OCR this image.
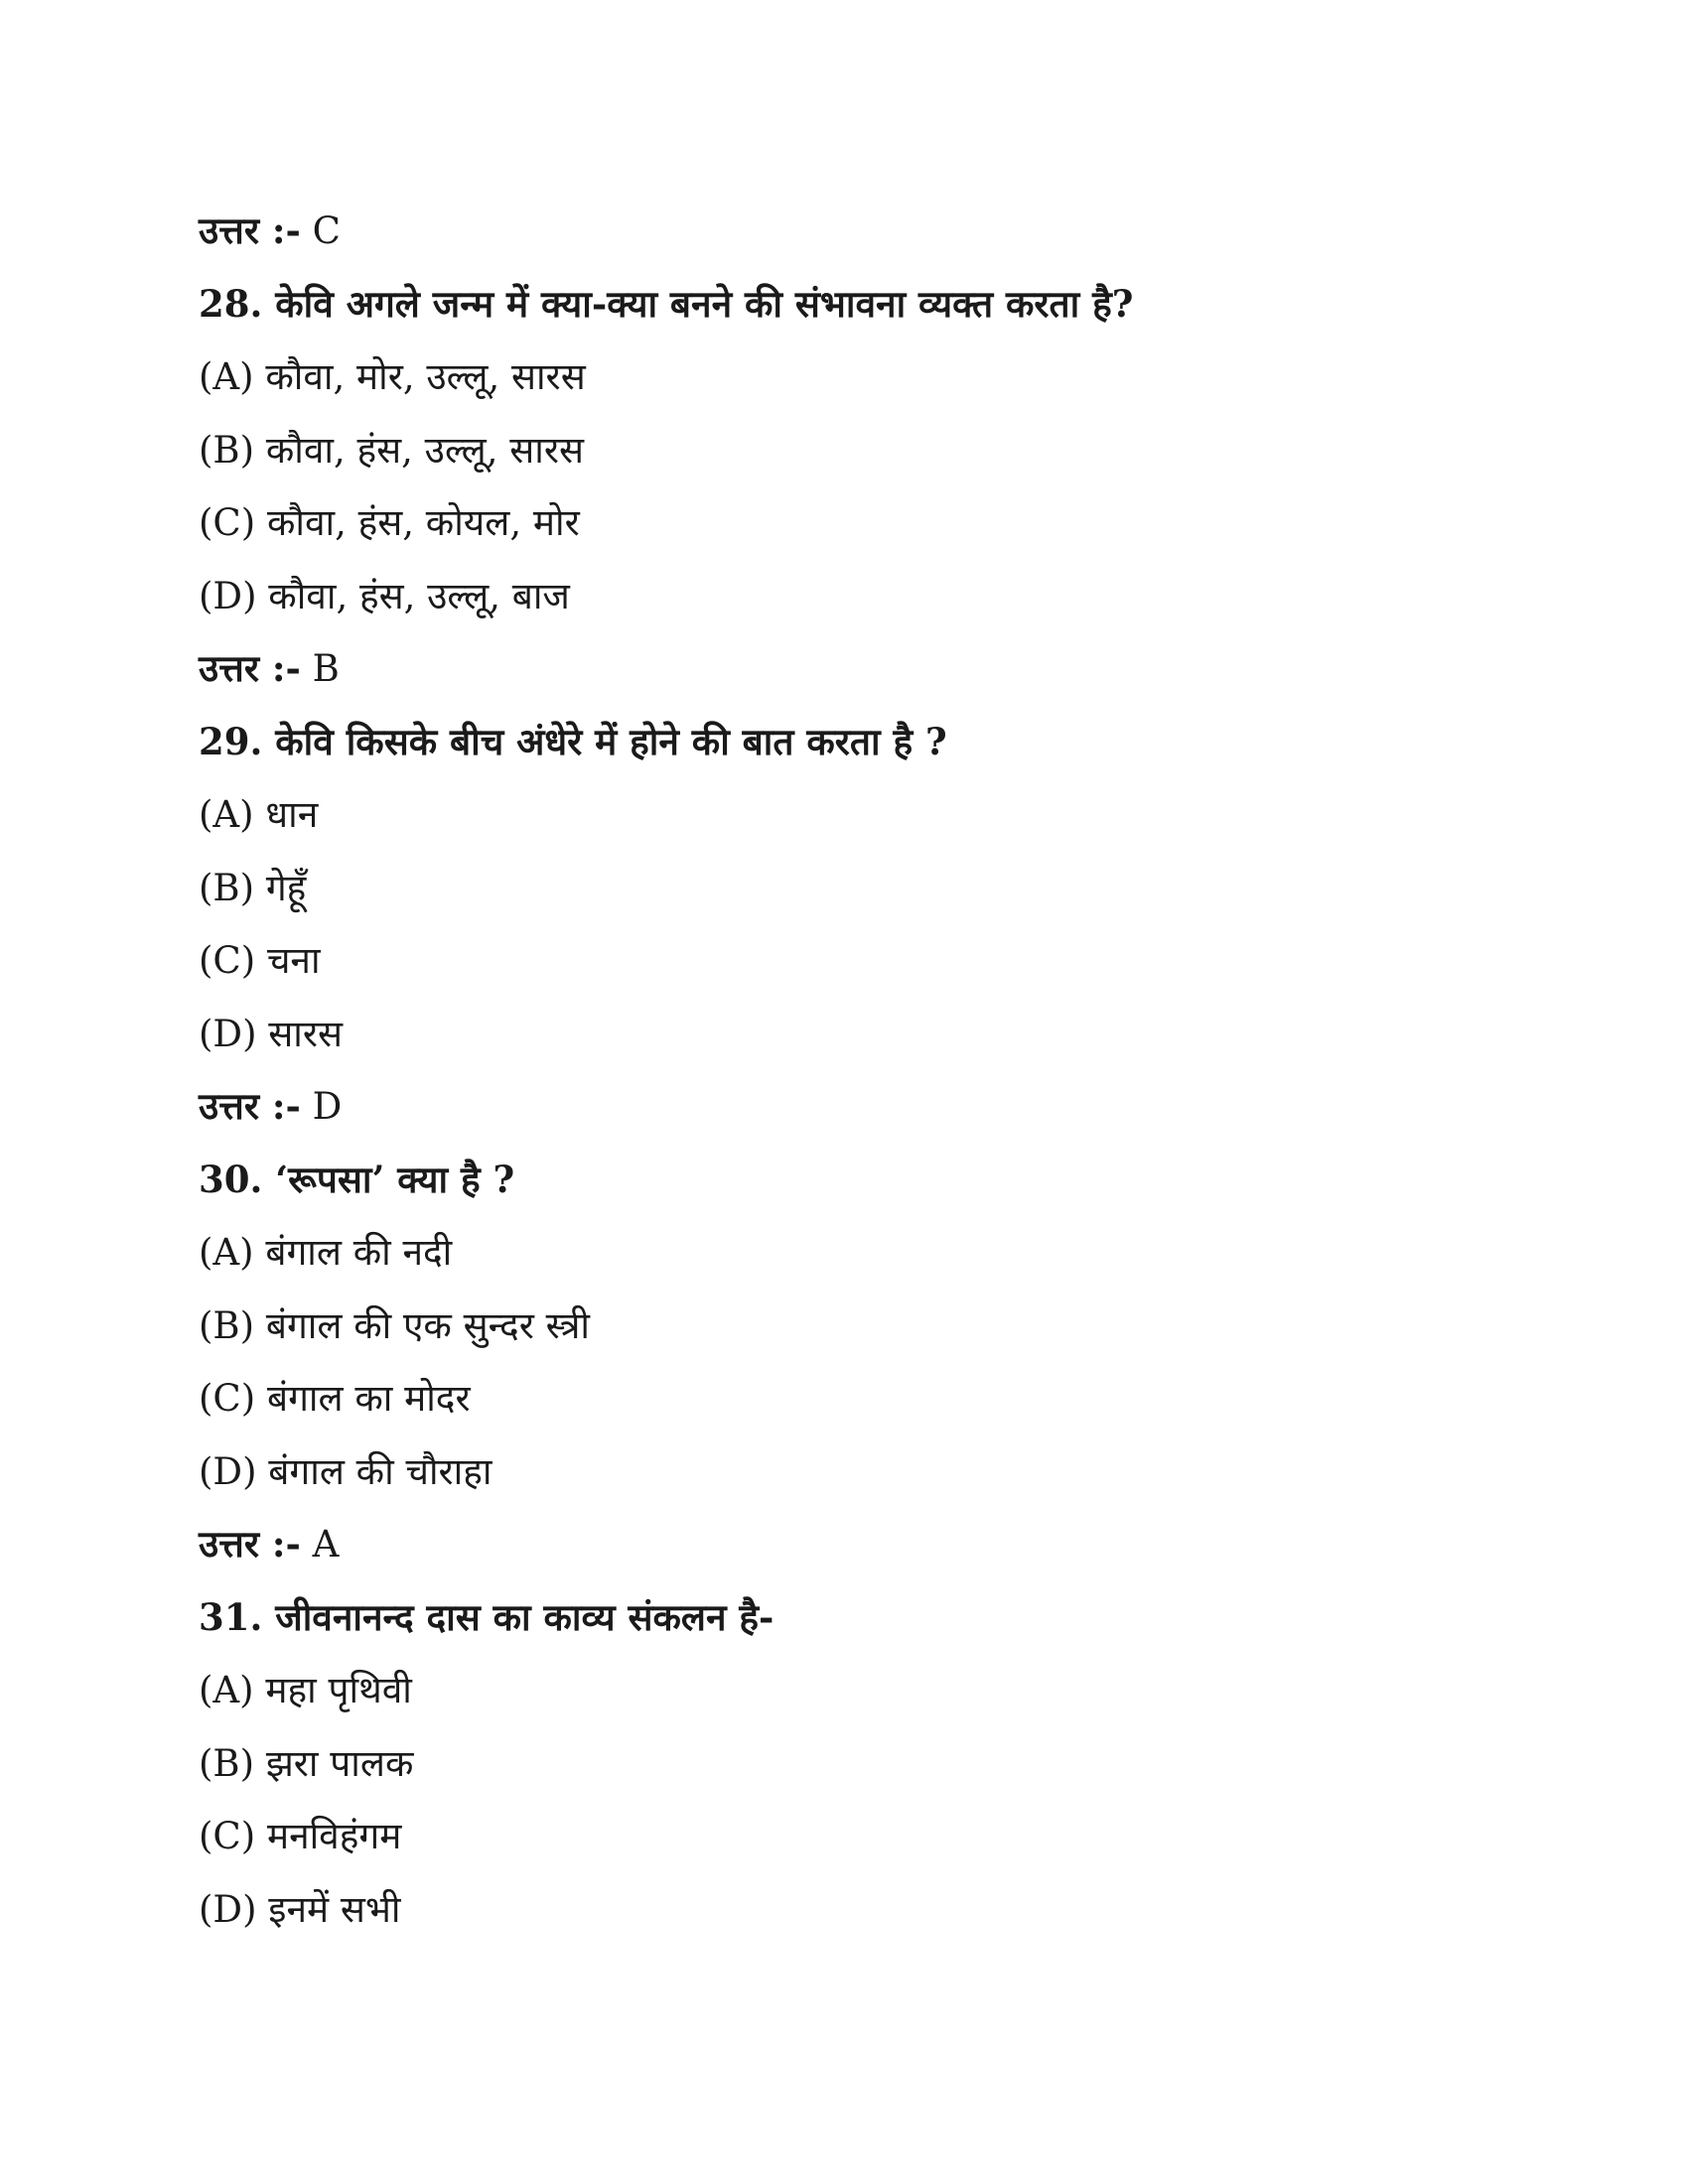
उत्तर :- C
28. केवि अगले जन्म में क्या-क्या बनने की संभावना व्यक्त करता है?
(A) कौवा, मोर, उल्लू, सारस
(B) कौवा, हंस, उल्लू, सारस
(C) कौवा, हंस, कोयल, मोर
(D) कौवा, हंस, उल्लू, बाज
उत्तर :- B
29. केवि किसके बीच अंधेरे में होने की बात करता है ?
(A) धान
(B) गेहूँ
(C) चना
(D) सारस
उत्तर :- D
30. ‘रूपसा’ क्या है ?
(A) बंगाल की नदी
(B) बंगाल की एक सुन्दर स्त्री
(C) बंगाल का मोदर
(D) बंगाल की चौराहा
उत्तर :- A
31. जीवनानन्द दास का काव्य संकलन है-
(A) महा पृथिवी
(B) झरा पालक
(C) मनविहंगम
(D) इनमें सभी
